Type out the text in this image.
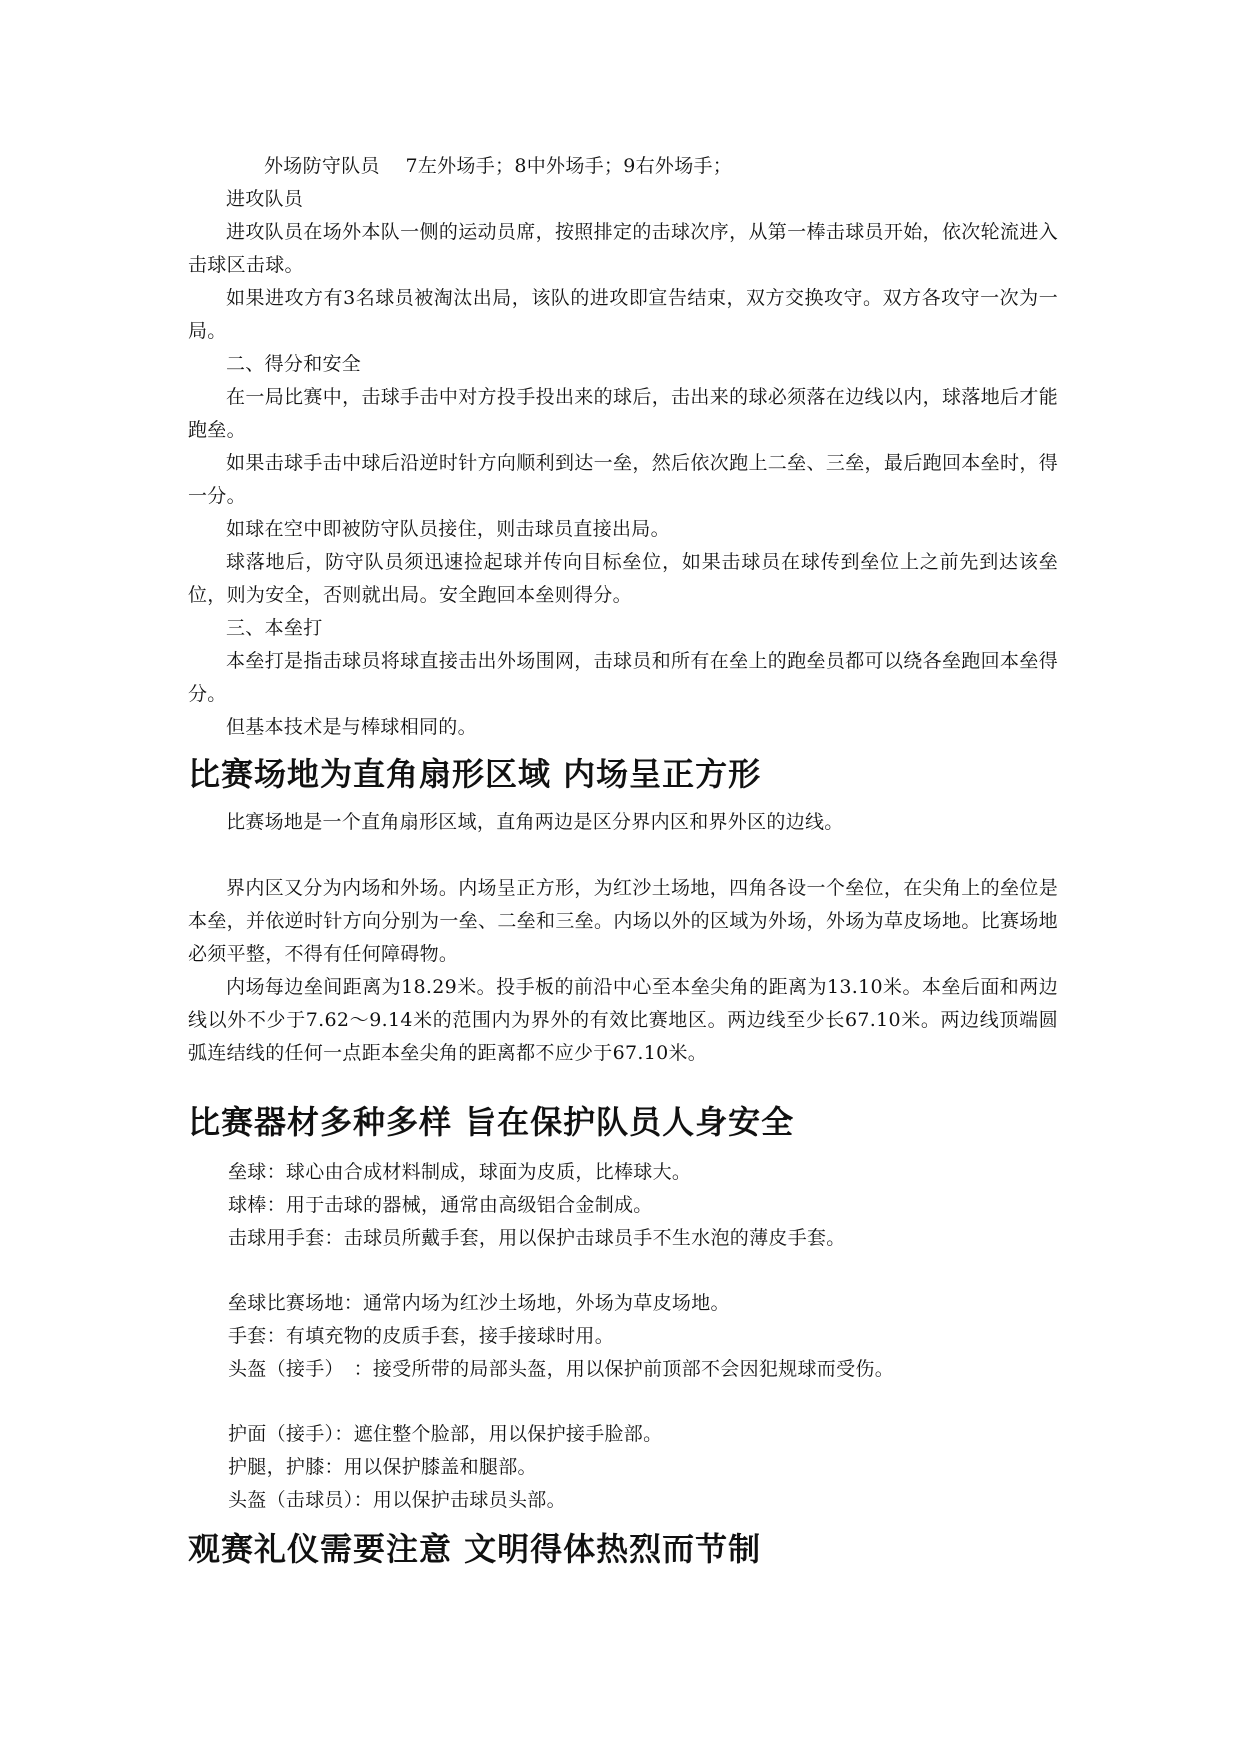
外场防守队员　 7左外场手；8中外场手；9右外场手；

进攻队员

进攻队员在场外本队一侧的运动员席，按照排定的击球次序，从第一棒击球员开始，依次轮流进入击球区击球。

如果进攻方有3名球员被淘汰出局，该队的进攻即宣告结束，双方交换攻守。双方各攻守一次为一局。

二、得分和安全

在一局比赛中，击球手击中对方投手投出来的球后，击出来的球必须落在边线以内，球落地后才能跑垒。

如果击球手击中球后沿逆时针方向顺利到达一垒，然后依次跑上二垒、三垒，最后跑回本垒时，得一分。

如球在空中即被防守队员接住，则击球员直接出局。

球落地后，防守队员须迅速捡起球并传向目标垒位，如果击球员在球传到垒位上之前先到达该垒位，则为安全，否则就出局。安全跑回本垒则得分。

三、本垒打

本垒打是指击球员将球直接击出外场围网，击球员和所有在垒上的跑垒员都可以绕各垒跑回本垒得分。

但基本技术是与棒球相同的。

比赛场地为直角扇形区域 内场呈正方形

比赛场地是一个直角扇形区域，直角两边是区分界内区和界外区的边线。

界内区又分为内场和外场。内场呈正方形，为红沙土场地，四角各设一个垒位，在尖角上的垒位是本垒，并依逆时针方向分别为一垒、二垒和三垒。内场以外的区域为外场，外场为草皮场地。比赛场地必须平整，不得有任何障碍物。

内场每边垒间距离为18.29米。投手板的前沿中心至本垒尖角的距离为13.10米。本垒后面和两边线以外不少于7.62～9.14米的范围内为界外的有效比赛地区。两边线至少长67.10米。两边线顶端圆弧连结线的任何一点距本垒尖角的距离都不应少于67.10米。

比赛器材多种多样 旨在保护队员人身安全

垒球：球心由合成材料制成，球面为皮质，比棒球大。

球棒：用于击球的器械，通常由高级铝合金制成。

击球用手套：击球员所戴手套，用以保护击球员手不生水泡的薄皮手套。

垒球比赛场地：通常内场为红沙土场地，外场为草皮场地。

手套：有填充物的皮质手套，接手接球时用。

头盔（接手）　：接受所带的局部头盔，用以保护前顶部不会因犯规球而受伤。

护面（接手）：遮住整个脸部，用以保护接手脸部。

护腿，护膝：用以保护膝盖和腿部。

头盔（击球员）：用以保护击球员头部。

观赛礼仪需要注意 文明得体热烈而节制
